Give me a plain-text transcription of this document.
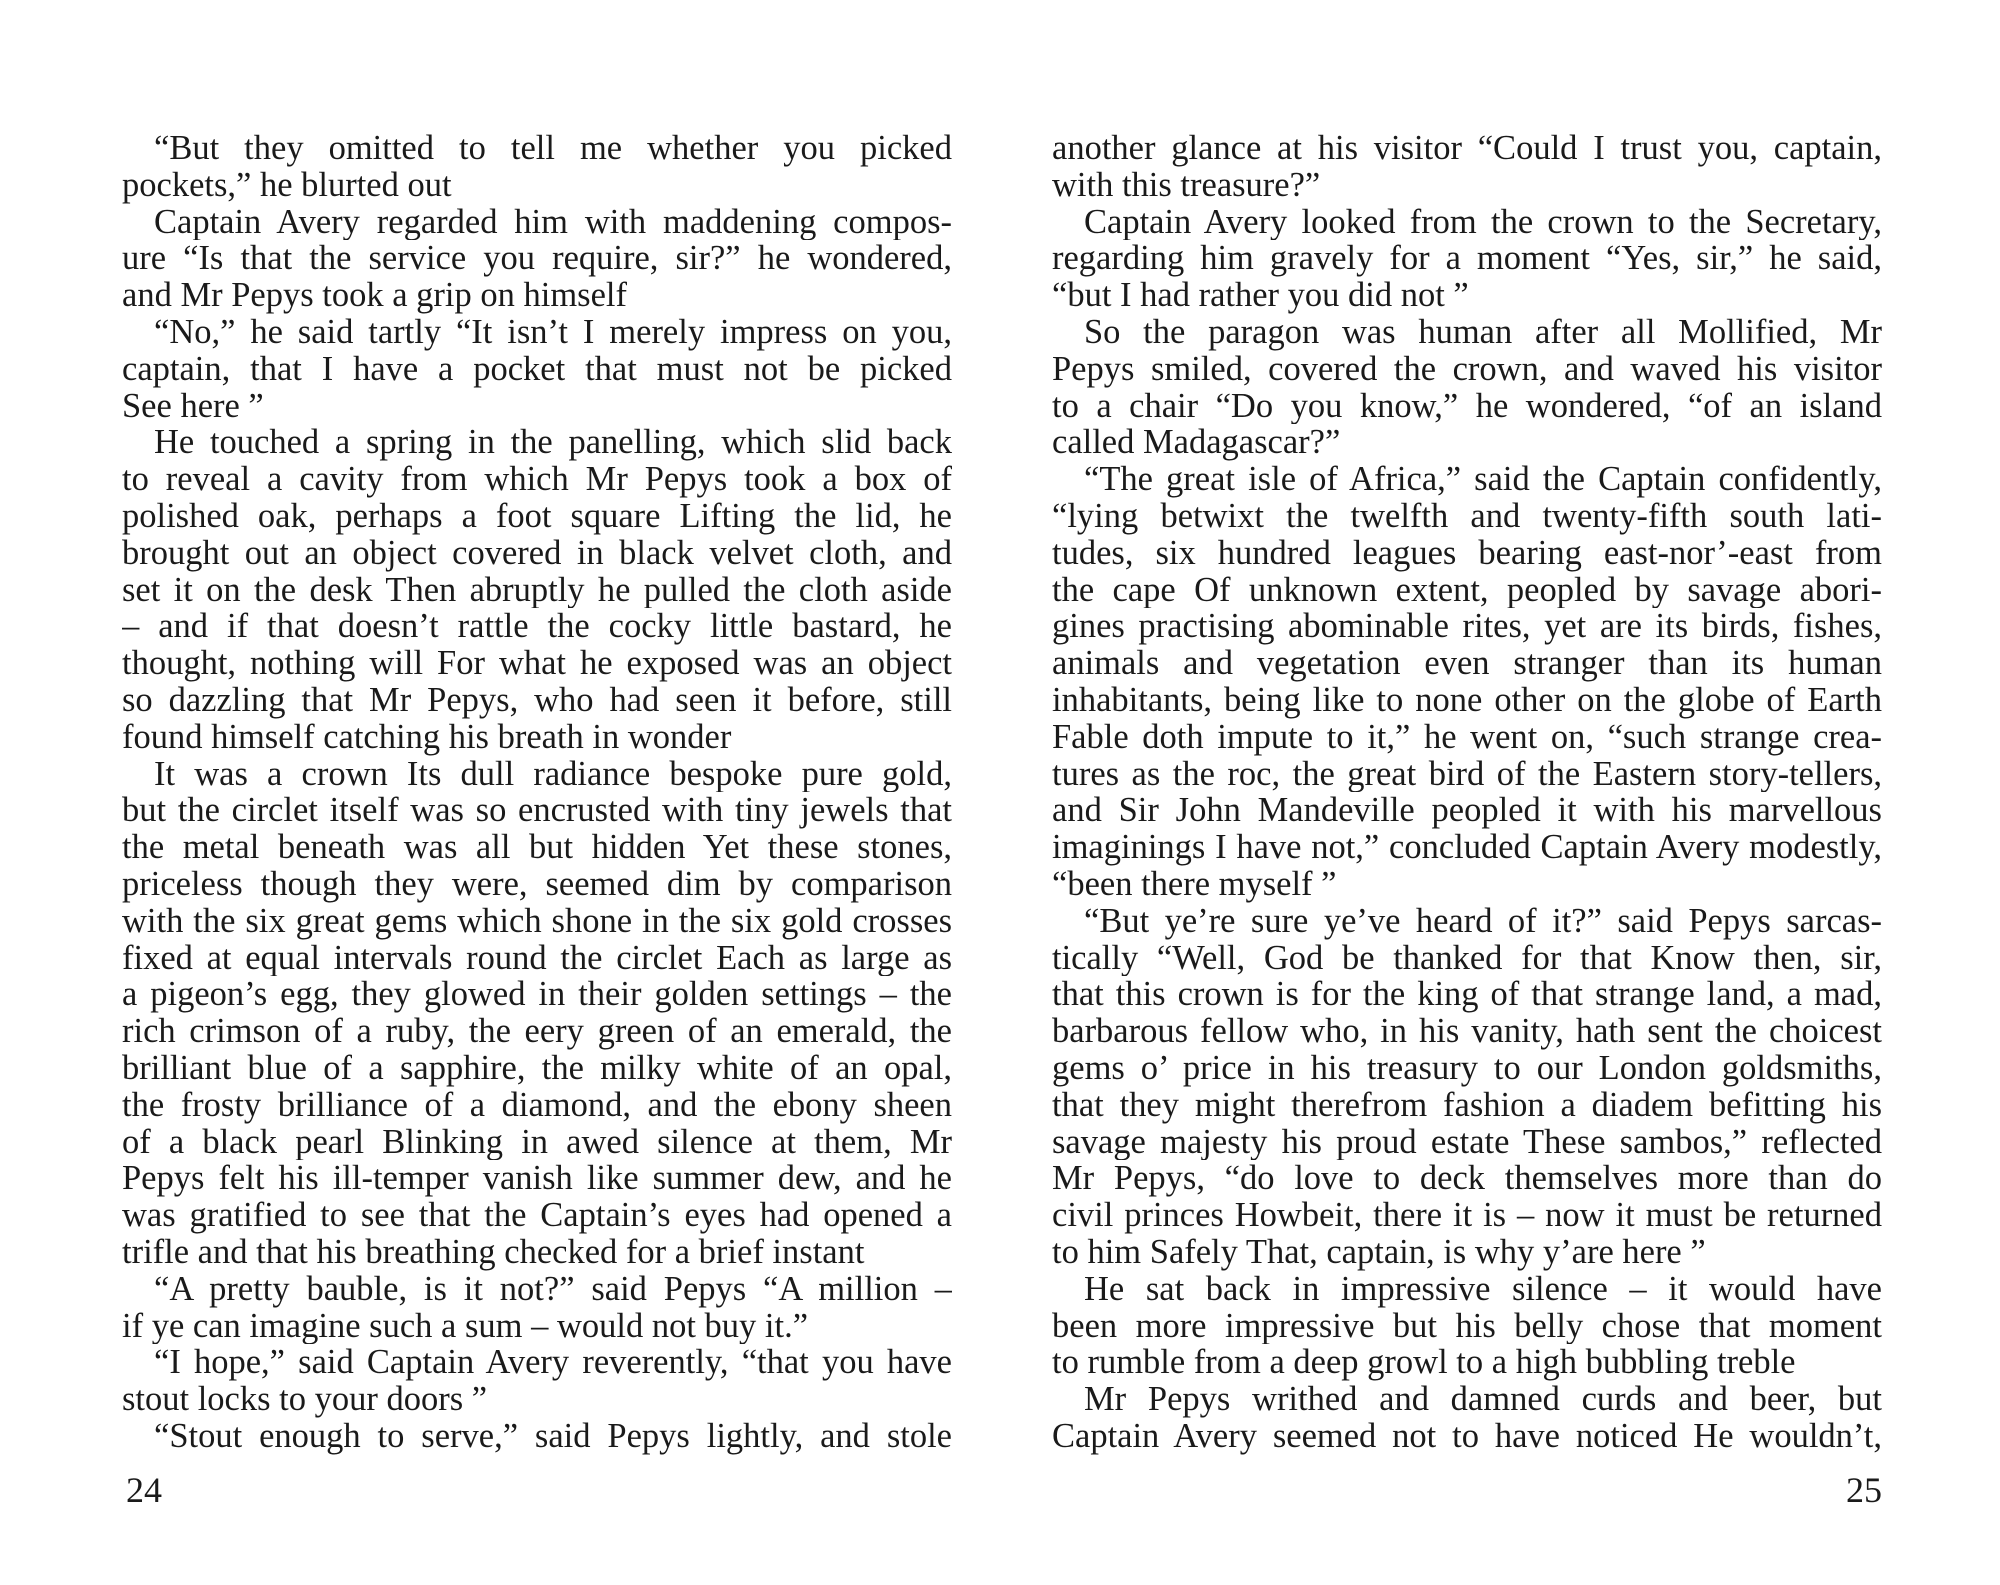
“But they omitted to tell me whether you picked
pockets,” he blurted out
Captain Avery regarded him with maddening compos-
ure “Is that the service you require, sir?” he wondered,
and Mr Pepys took a grip on himself
“No,” he said tartly “It isn’t I merely impress on you,
captain, that I have a pocket that must not be picked
See here ”
He touched a spring in the panelling, which slid back
to reveal a cavity from which Mr Pepys took a box of
polished oak, perhaps a foot square Lifting the lid, he
brought out an object covered in black velvet cloth, and
set it on the desk Then abruptly he pulled the cloth aside
– and if that doesn’t rattle the cocky little bastard, he
thought, nothing will For what he exposed was an object
so dazzling that Mr Pepys, who had seen it before, still
found himself catching his breath in wonder
It was a crown Its dull radiance bespoke pure gold,
but the circlet itself was so encrusted with tiny jewels that
the metal beneath was all but hidden Yet these stones,
priceless though they were, seemed dim by comparison
with the six great gems which shone in the six gold crosses
fixed at equal intervals round the circlet Each as large as
a pigeon’s egg, they glowed in their golden settings – the
rich crimson of a ruby, the eery green of an emerald, the
brilliant blue of a sapphire, the milky white of an opal,
the frosty brilliance of a diamond, and the ebony sheen
of a black pearl Blinking in awed silence at them, Mr
Pepys felt his ill-temper vanish like summer dew, and he
was gratified to see that the Captain’s eyes had opened a
trifle and that his breathing checked for a brief instant
“A pretty bauble, is it not?” said Pepys “A million –
if ye can imagine such a sum – would not buy it.”
“I hope,” said Captain Avery reverently, “that you have
stout locks to your doors ”
“Stout enough to serve,” said Pepys lightly, and stole
24
another glance at his visitor “Could I trust you, captain,
with this treasure?”
Captain Avery looked from the crown to the Secretary,
regarding him gravely for a moment “Yes, sir,” he said,
“but I had rather you did not ”
So the paragon was human after all Mollified, Mr
Pepys smiled, covered the crown, and waved his visitor
to a chair “Do you know,” he wondered, “of an island
called Madagascar?”
“The great isle of Africa,” said the Captain confidently,
“lying betwixt the twelfth and twenty-fifth south lati-
tudes, six hundred leagues bearing east-nor’-east from
the cape Of unknown extent, peopled by savage abori-
gines practising abominable rites, yet are its birds, fishes,
animals and vegetation even stranger than its human
inhabitants, being like to none other on the globe of Earth
Fable doth impute to it,” he went on, “such strange crea-
tures as the roc, the great bird of the Eastern story-tellers,
and Sir John Mandeville peopled it with his marvellous
imaginings I have not,” concluded Captain Avery modestly,
“been there myself ”
“But ye’re sure ye’ve heard of it?” said Pepys sarcas-
tically “Well, God be thanked for that Know then, sir,
that this crown is for the king of that strange land, a mad,
barbarous fellow who, in his vanity, hath sent the choicest
gems o’ price in his treasury to our London goldsmiths,
that they might therefrom fashion a diadem befitting his
savage majesty his proud estate These sambos,” reflected
Mr Pepys, “do love to deck themselves more than do
civil princes Howbeit, there it is – now it must be returned
to him Safely That, captain, is why y’are here ”
He sat back in impressive silence – it would have
been more impressive but his belly chose that moment
to rumble from a deep growl to a high bubbling treble
Mr Pepys writhed and damned curds and beer, but
Captain Avery seemed not to have noticed He wouldn’t,
25
